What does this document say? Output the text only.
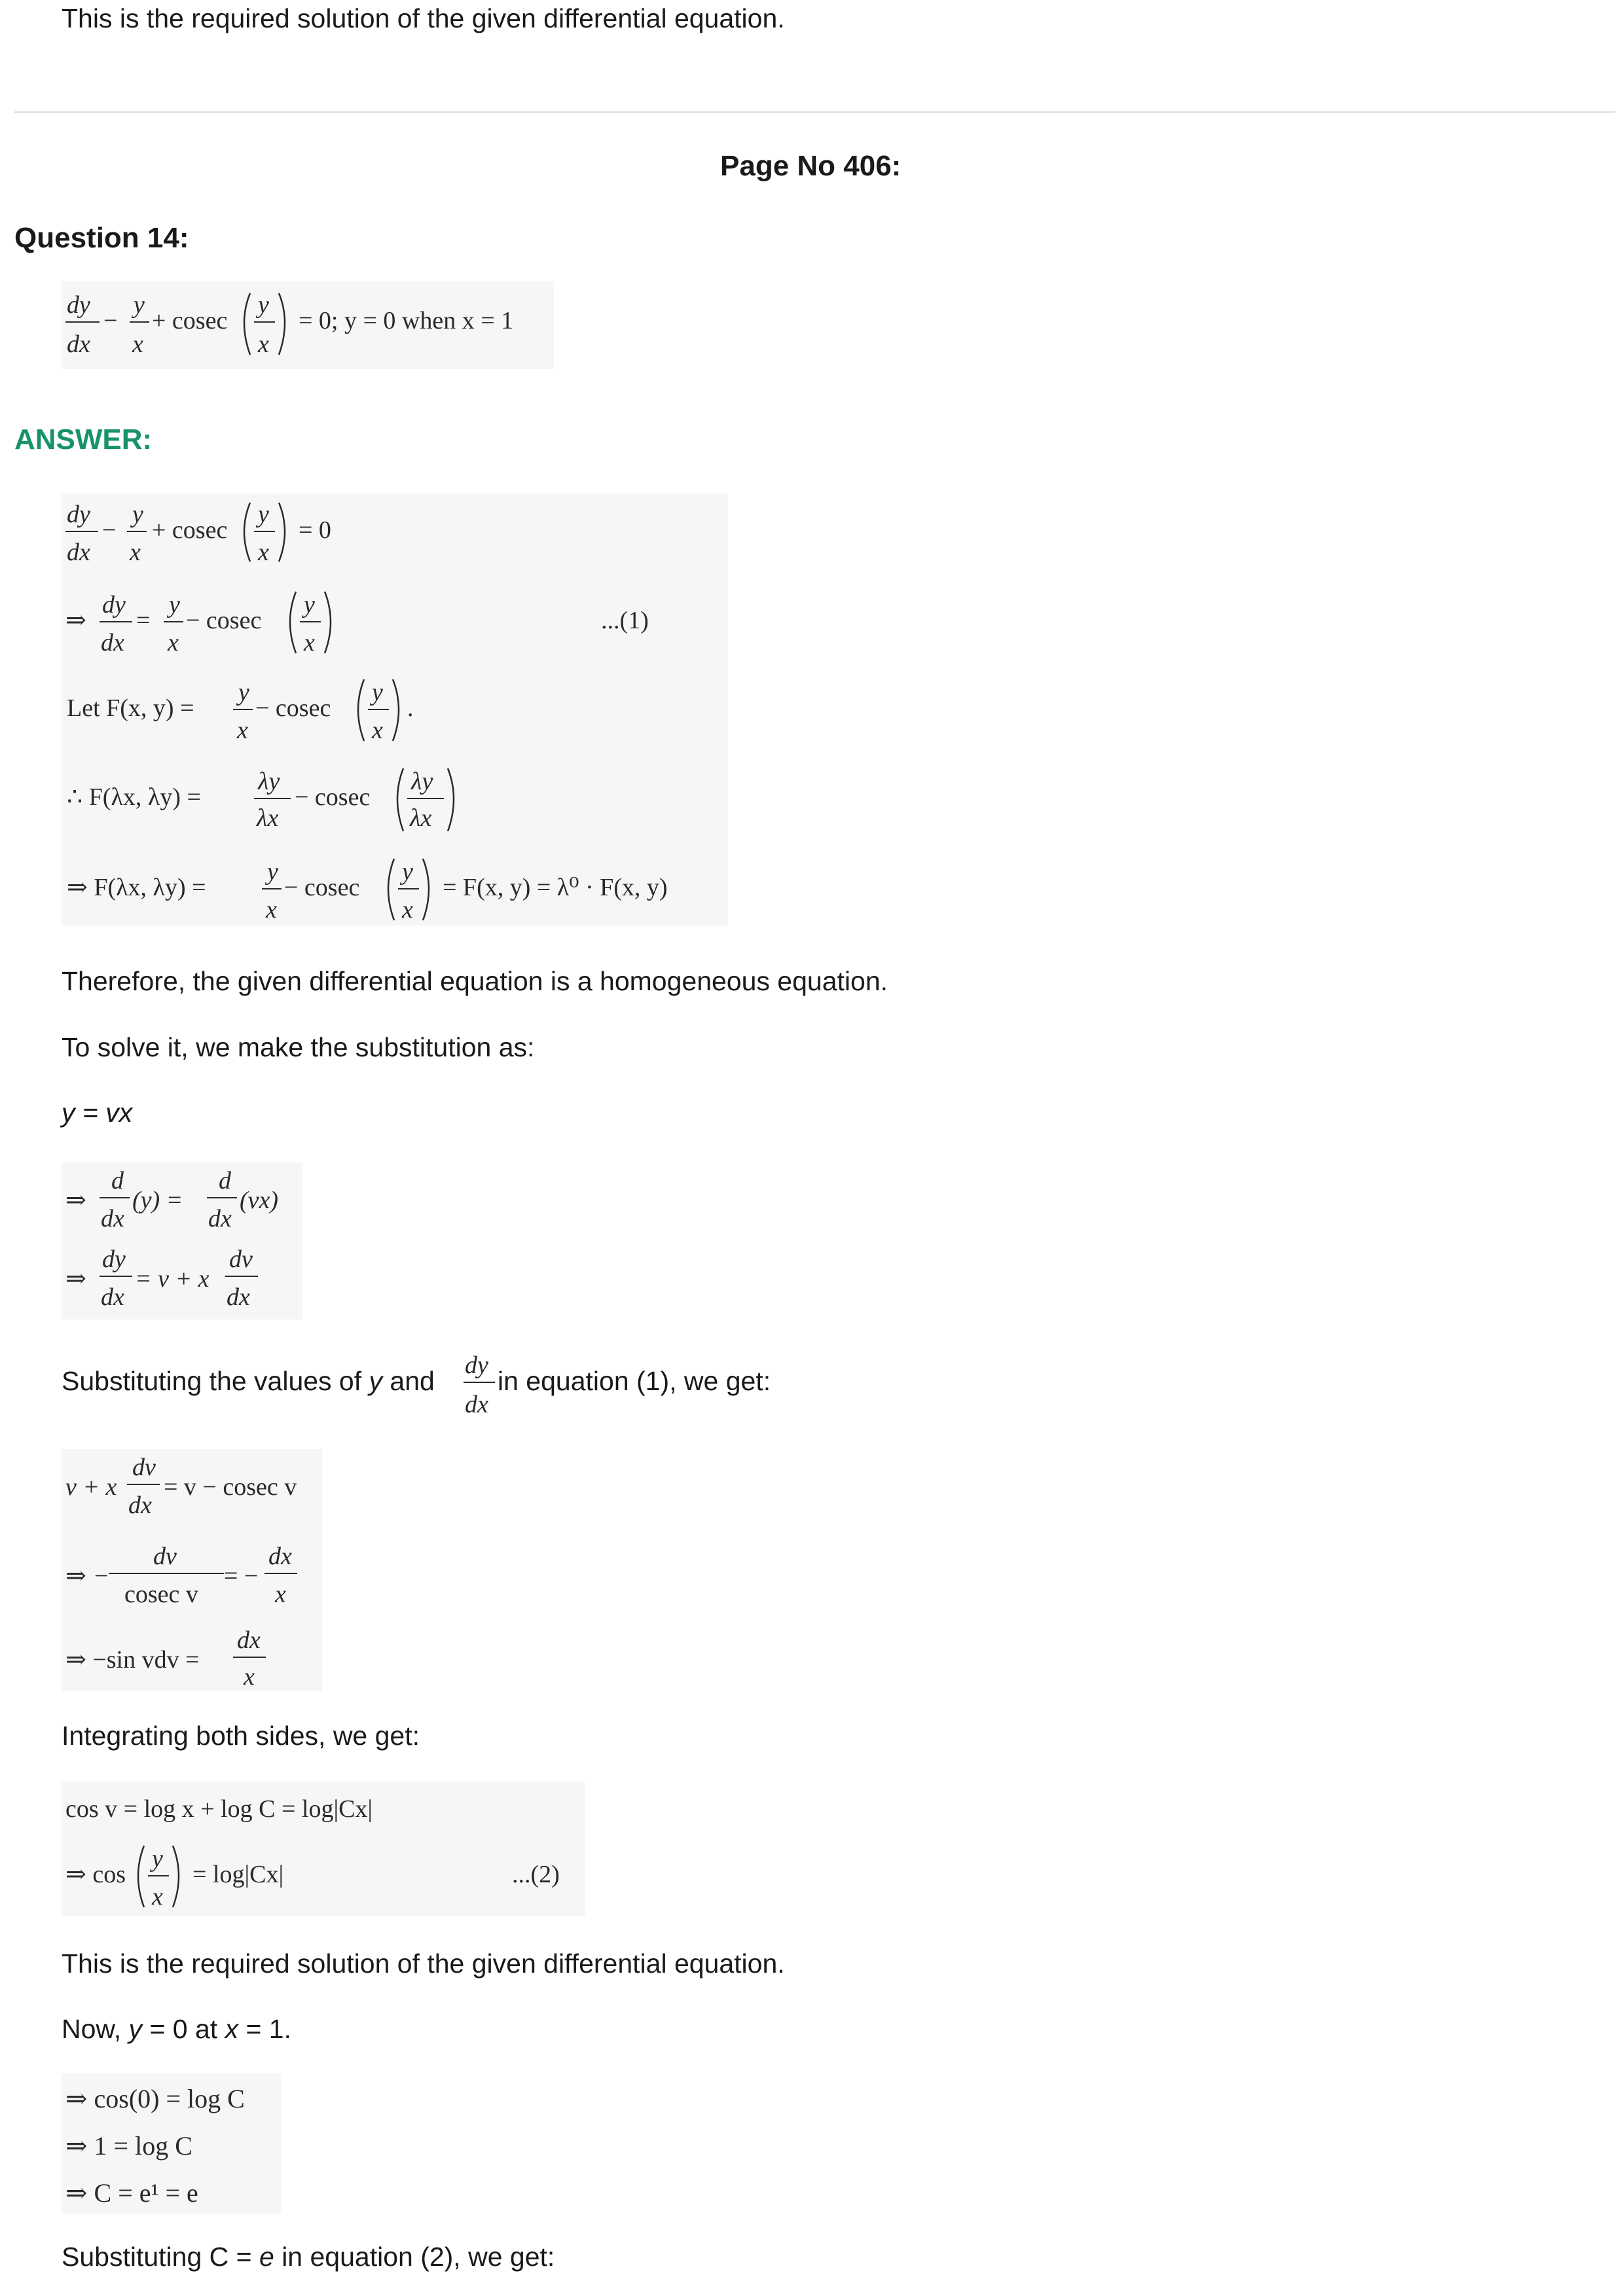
This is the required solution of the given differential equation.
Page No 406:
Question 14:
dy
dx
−
y
x
+ cosec
y
x
= 0; y = 0 when x = 1
ANSWER:
dy
dx
−
y
x
+ cosec
y
x
= 0
⇒
dy
dx
=
y
x
− cosec
y
x
...(1)
Let F(x, y) =
y
x
− cosec
y
x
.
∴ F(λx, λy) =
λy
λx
− cosec
λy
λx
⇒ F(λx, λy) =
y
x
− cosec
y
x
= F(x, y) = λ⁰ · F(x, y)
Therefore, the given differential equation is a homogeneous equation.
To solve it, we make the substitution as:
y = vx
⇒
d
dx
(y) =
d
dx
(vx)
⇒
dy
dx
= v + x
dv
dx
Substituting the values of y and
dy
dx
in equation (1), we get:
v + x
dv
dx
= v − cosec v
⇒ −
dv
cosec v
= −
dx
x
⇒ −sin vdv =
dx
x
Integrating both sides, we get:
cos v = log x + log C = log|Cx|
⇒ cos
y
x
= log|Cx|	...(2)
This is the required solution of the given differential equation.
Now, y = 0 at x = 1.
⇒ cos(0) = log C
⇒ 1 = log C
⇒ C = e¹ = e
Substituting C = e in equation (2), we get:
